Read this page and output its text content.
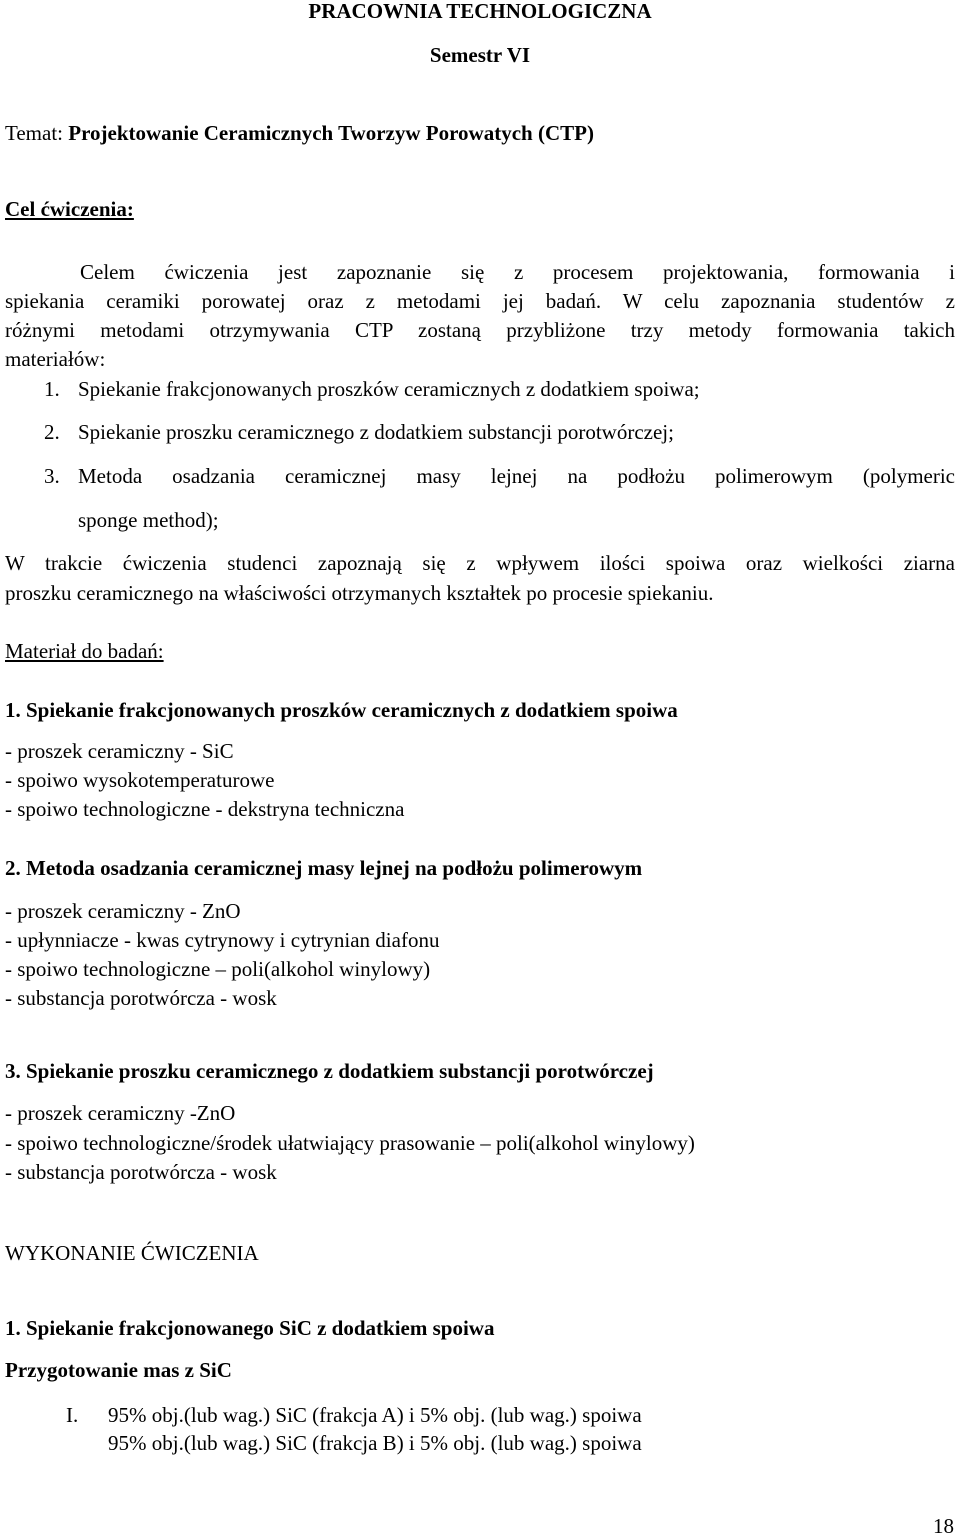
PRACOWNIA TECHNOLOGICZNA
Semestr VI
Temat: Projektowanie Ceramicznych Tworzyw Porowatych (CTP)
Cel ćwiczenia:
Celem ćwiczenia jest zapoznanie się z procesem projektowania, formowania i
spiekania ceramiki porowatej oraz z metodami jej badań. W celu zapoznania studentów z
różnymi metodami otrzymywania CTP zostaną przybliżone trzy metody formowania takich
materiałów:
1. Spiekanie frakcjonowanych proszków ceramicznych z dodatkiem spoiwa;
2. Spiekanie proszku ceramicznego z dodatkiem substancji porotwórczej;
3. Metoda osadzania ceramicznej masy lejnej na podłożu polimerowym (polymeric
sponge method);
W trakcie ćwiczenia studenci zapoznają się z wpływem ilości spoiwa oraz wielkości ziarna
proszku ceramicznego na właściwości otrzymanych kształtek po procesie spiekaniu.
Materiał do badań:
1. Spiekanie frakcjonowanych proszków ceramicznych z dodatkiem spoiwa
- proszek ceramiczny - SiC
- spoiwo wysokotemperaturowe
- spoiwo technologiczne - dekstryna techniczna
2. Metoda osadzania ceramicznej masy lejnej na podłożu polimerowym
- proszek ceramiczny - ZnO
- upłynniacze - kwas cytrynowy i cytrynian diafonu
- spoiwo technologiczne – poli(alkohol winylowy)
- substancja porotwórcza - wosk
3. Spiekanie proszku ceramicznego z dodatkiem substancji porotwórczej
- proszek ceramiczny -ZnO
- spoiwo technologiczne/środek ułatwiający prasowanie – poli(alkohol winylowy)
- substancja porotwórcza - wosk
WYKONANIE ĆWICZENIA
1. Spiekanie frakcjonowanego SiC z dodatkiem spoiwa
Przygotowanie mas z SiC
I. 95% obj.(lub wag.) SiC (frakcja A) i 5% obj. (lub wag.) spoiwa
95% obj.(lub wag.) SiC (frakcja B) i 5% obj. (lub wag.) spoiwa
18
